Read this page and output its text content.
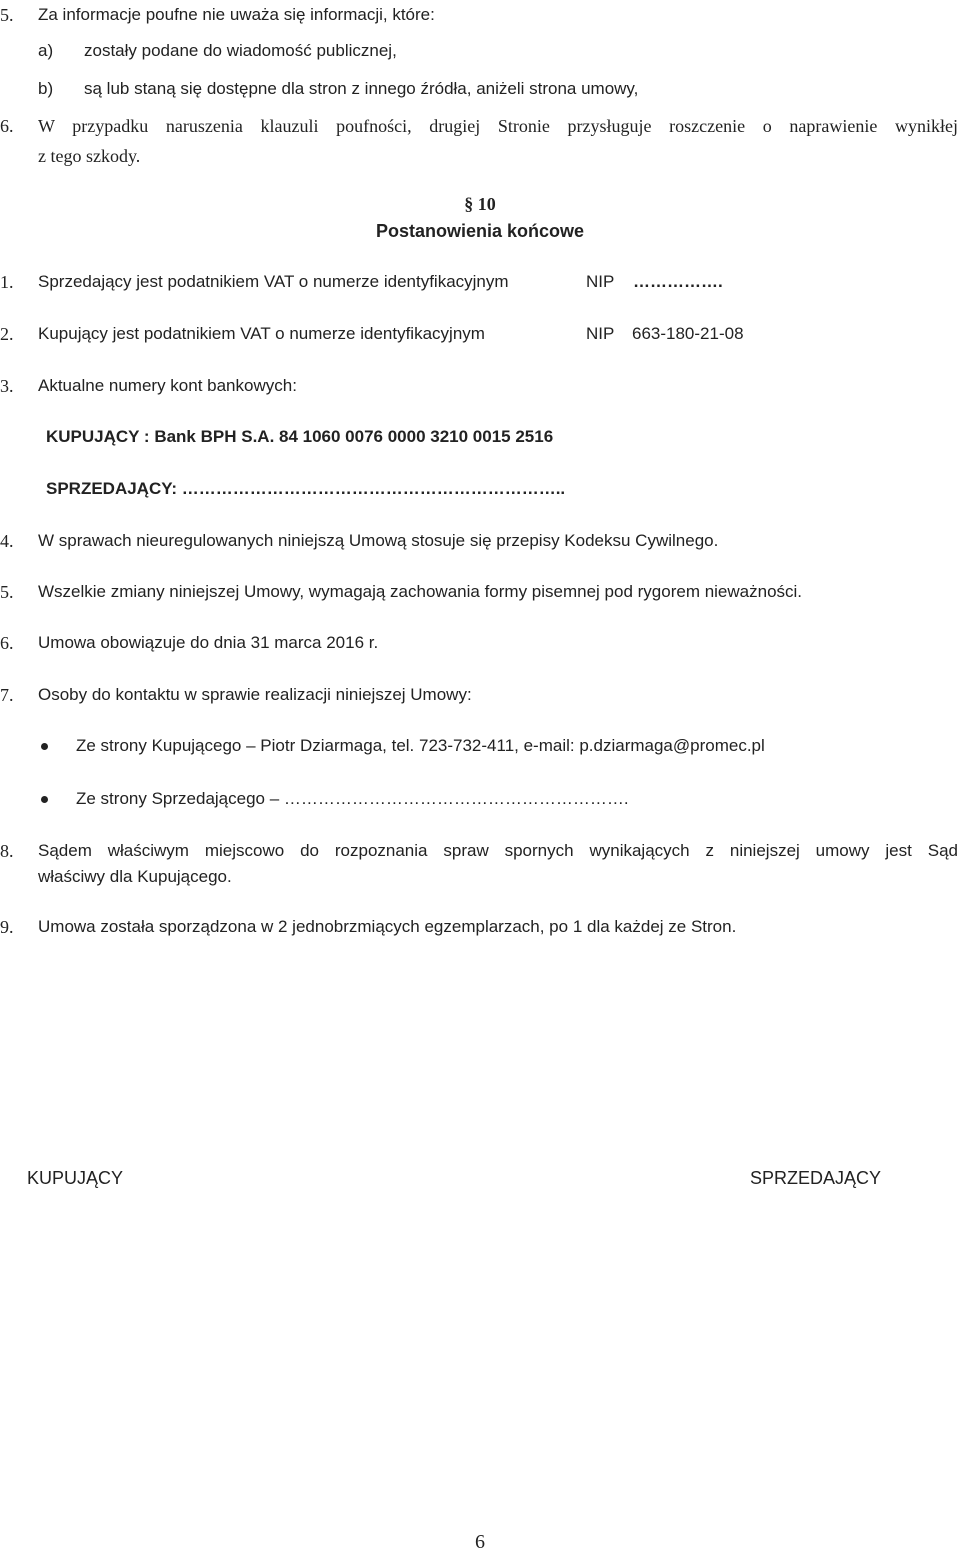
5. Za informacje poufne nie uważa się informacji, które:
a) zostały podane do wiadomość publicznej,
b) są lub staną się dostępne dla stron z innego źródła, aniżeli strona umowy,
6. W przypadku naruszenia klauzuli poufności, drugiej Stronie przysługuje roszczenie o naprawienie wynikłej
z tego szkody.
§ 10
Postanowienia końcowe
1. Sprzedający jest podatnikiem VAT o numerze identyfikacyjnym	NIP …………….
2. Kupujący jest podatnikiem VAT o numerze identyfikacyjnym	NIP 663-180-21-08
3. Aktualne numery kont bankowych:
KUPUJĄCY : Bank BPH S.A. 84 1060 0076 0000 3210 0015 2516
SPRZEDAJĄCY: …………………………………………………………..
4. W sprawach nieuregulowanych niniejszą Umową stosuje się przepisy Kodeksu Cywilnego.
5. Wszelkie zmiany niniejszej Umowy, wymagają zachowania formy pisemnej pod rygorem nieważności.
6. Umowa obowiązuje do dnia 31 marca 2016 r.
7. Osoby do kontaktu w sprawie realizacji niniejszej Umowy:
Ze strony Kupującego – Piotr Dziarmaga, tel. 723-732-411, e-mail: p.dziarmaga@promec.pl
Ze strony Sprzedającego – …………………………………………………….
8. Sądem właściwym miejscowo do rozpoznania spraw spornych wynikających z niniejszej umowy jest Sąd
właściwy dla Kupującego.
9. Umowa została sporządzona w 2 jednobrzmiących egzemplarzach, po 1 dla każdej ze Stron.
KUPUJĄCY	SPRZEDAJĄCY
6
